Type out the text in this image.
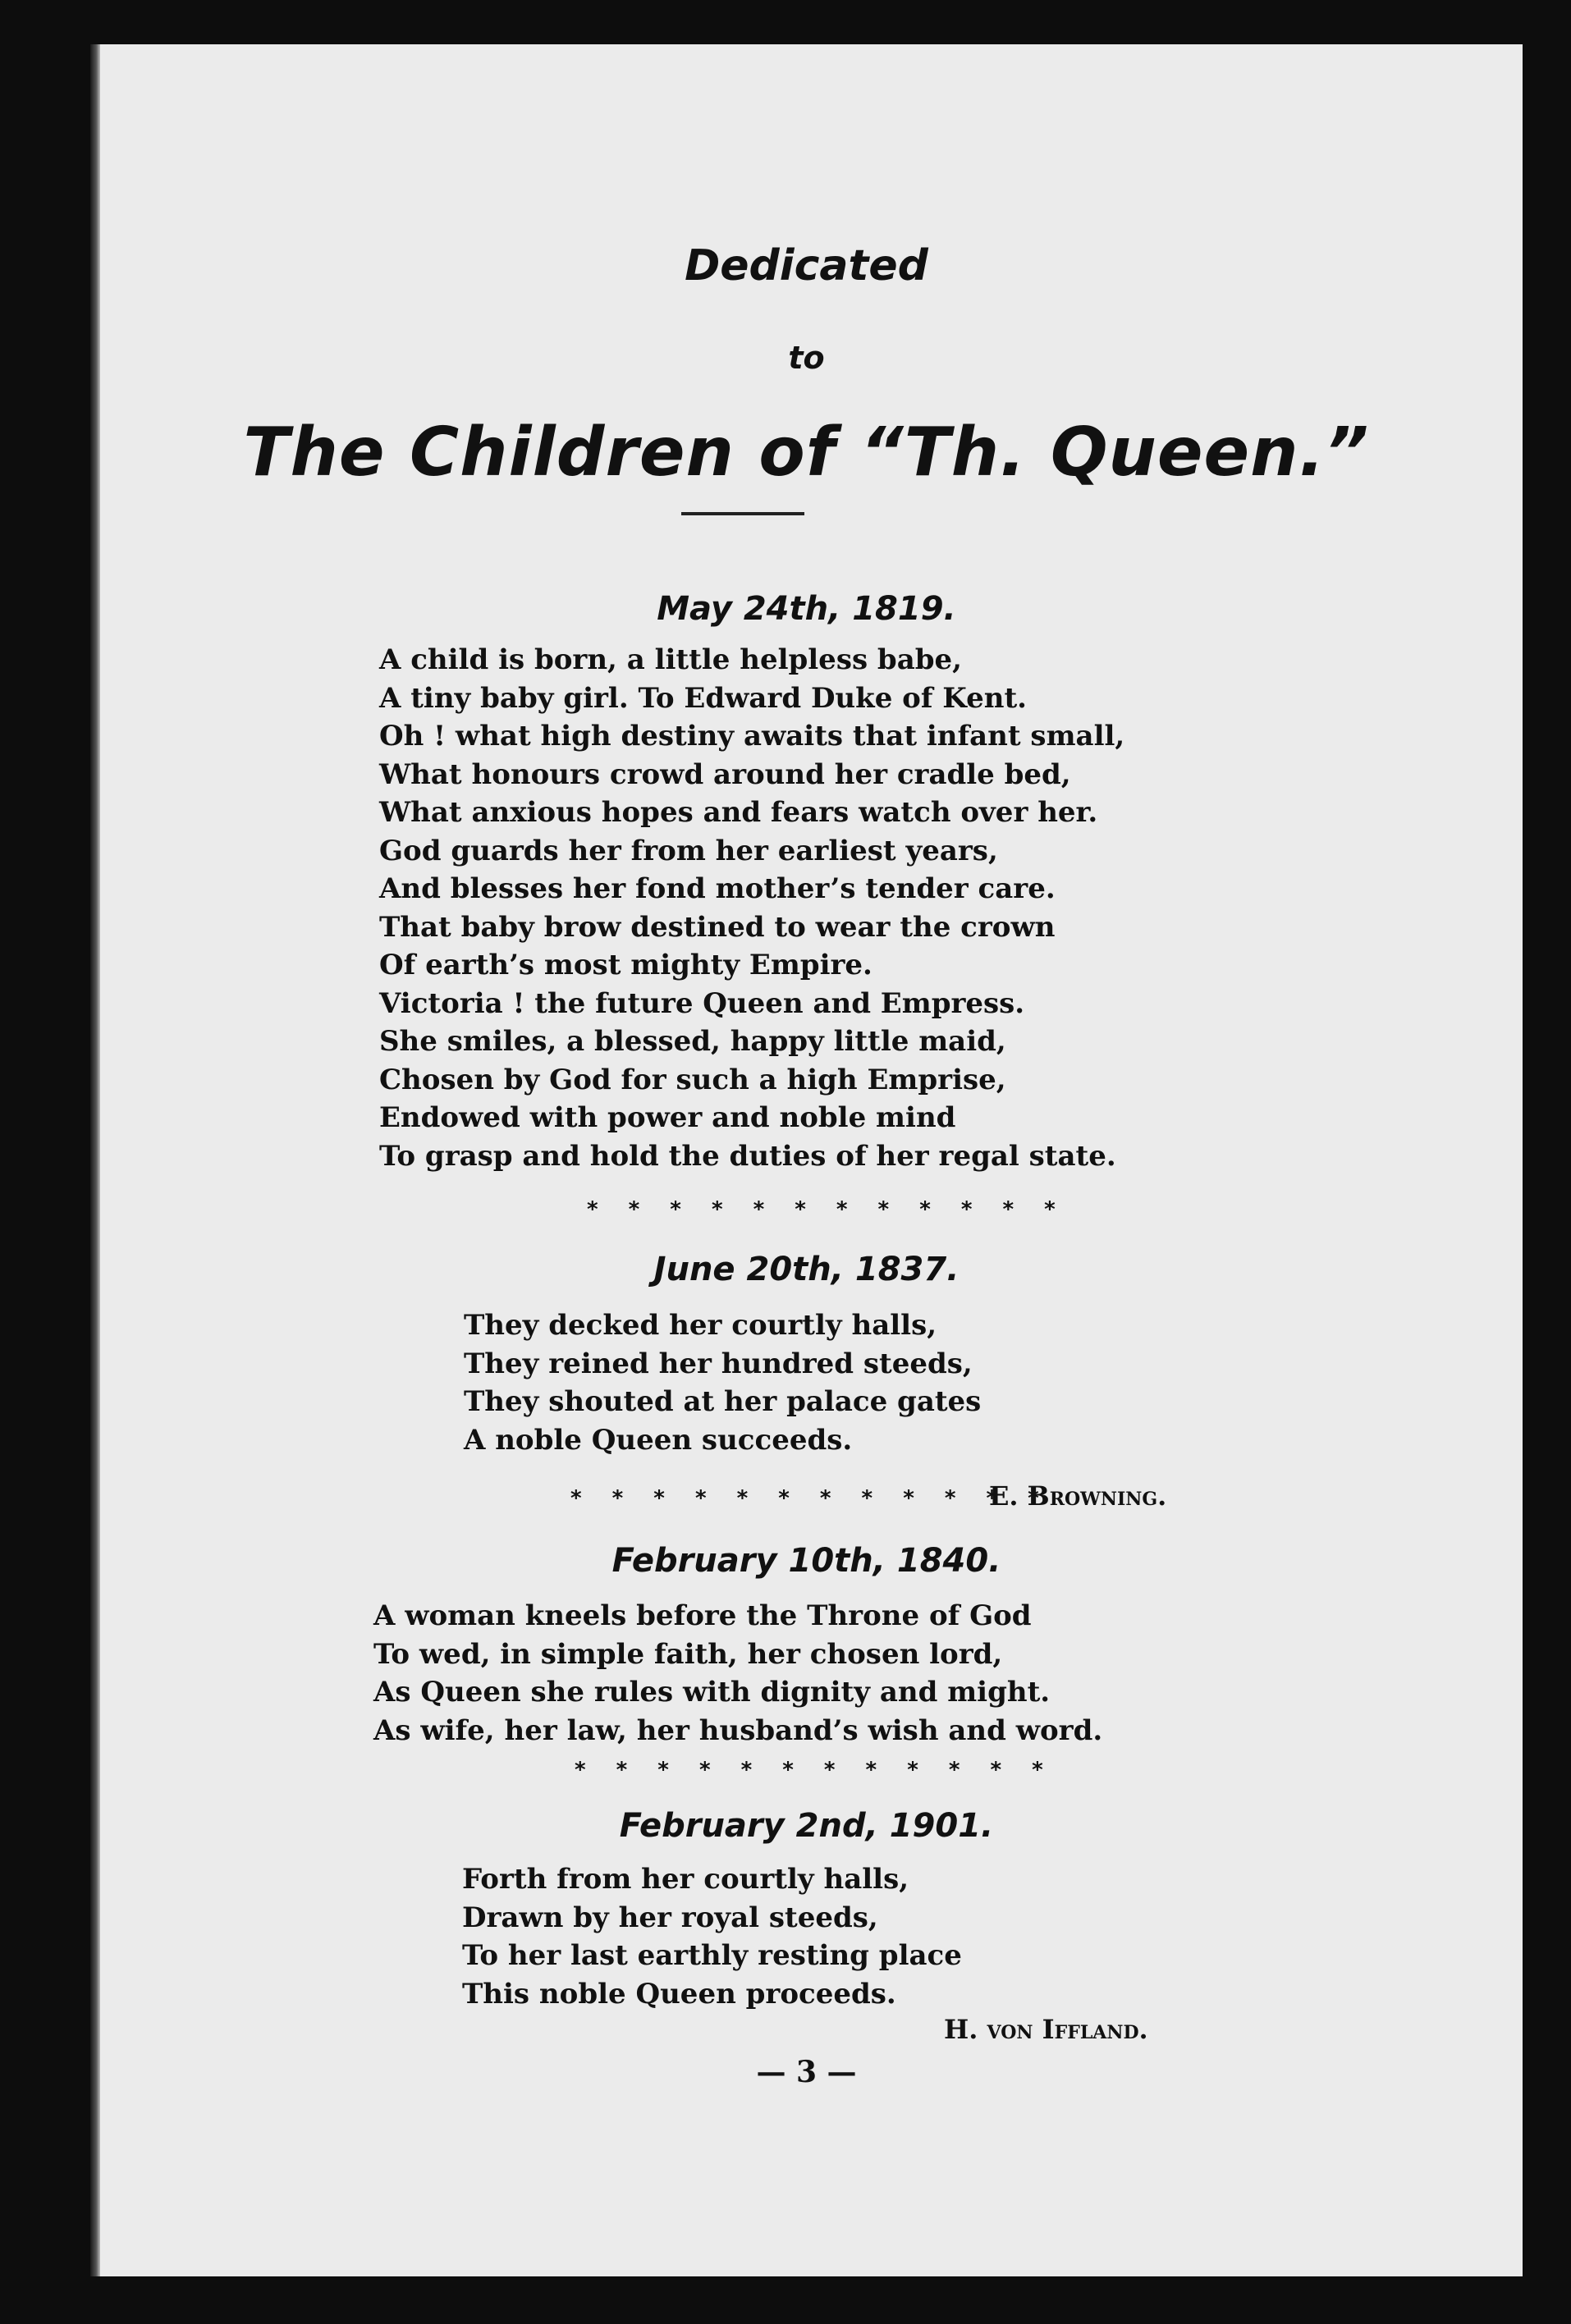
Dedicated
to
The Children of “Th. Queen.”
May 24th, 1819.
A child is born, a little helpless babe,
A tiny baby girl. To Edward Duke of Kent.
Oh ! what high destiny awaits that infant small,
What honours crowd around her cradle bed,
What anxious hopes and fears watch over her.
God guards her from her earliest years,
And blesses her fond mother’s tender care.
That baby brow destined to wear the crown
Of earth’s most mighty Empire.
Victoria ! the future Queen and Empress.
She smiles, a blessed, happy little maid,
Chosen by God for such a high Emprise,
Endowed with power and noble mind
To grasp and hold the duties of her regal state.
* * * * * * * * * * * *
June 20th, 1837.
They decked her courtly halls,
They reined her hundred steeds,
They shouted at her palace gates
A noble Queen succeeds.
* * * * * * * * * * * *
E. Browning.
February 10th, 1840.
A woman kneels before the Throne of God
To wed, in simple faith, her chosen lord,
As Queen she rules with dignity and might.
As wife, her law, her husband’s wish and word.
* * * * * * * * * * * *
February 2nd, 1901.
Forth from her courtly halls,
Drawn by her royal steeds,
To her last earthly resting place
This noble Queen proceeds.
H. von Iffland.
— 3 —
